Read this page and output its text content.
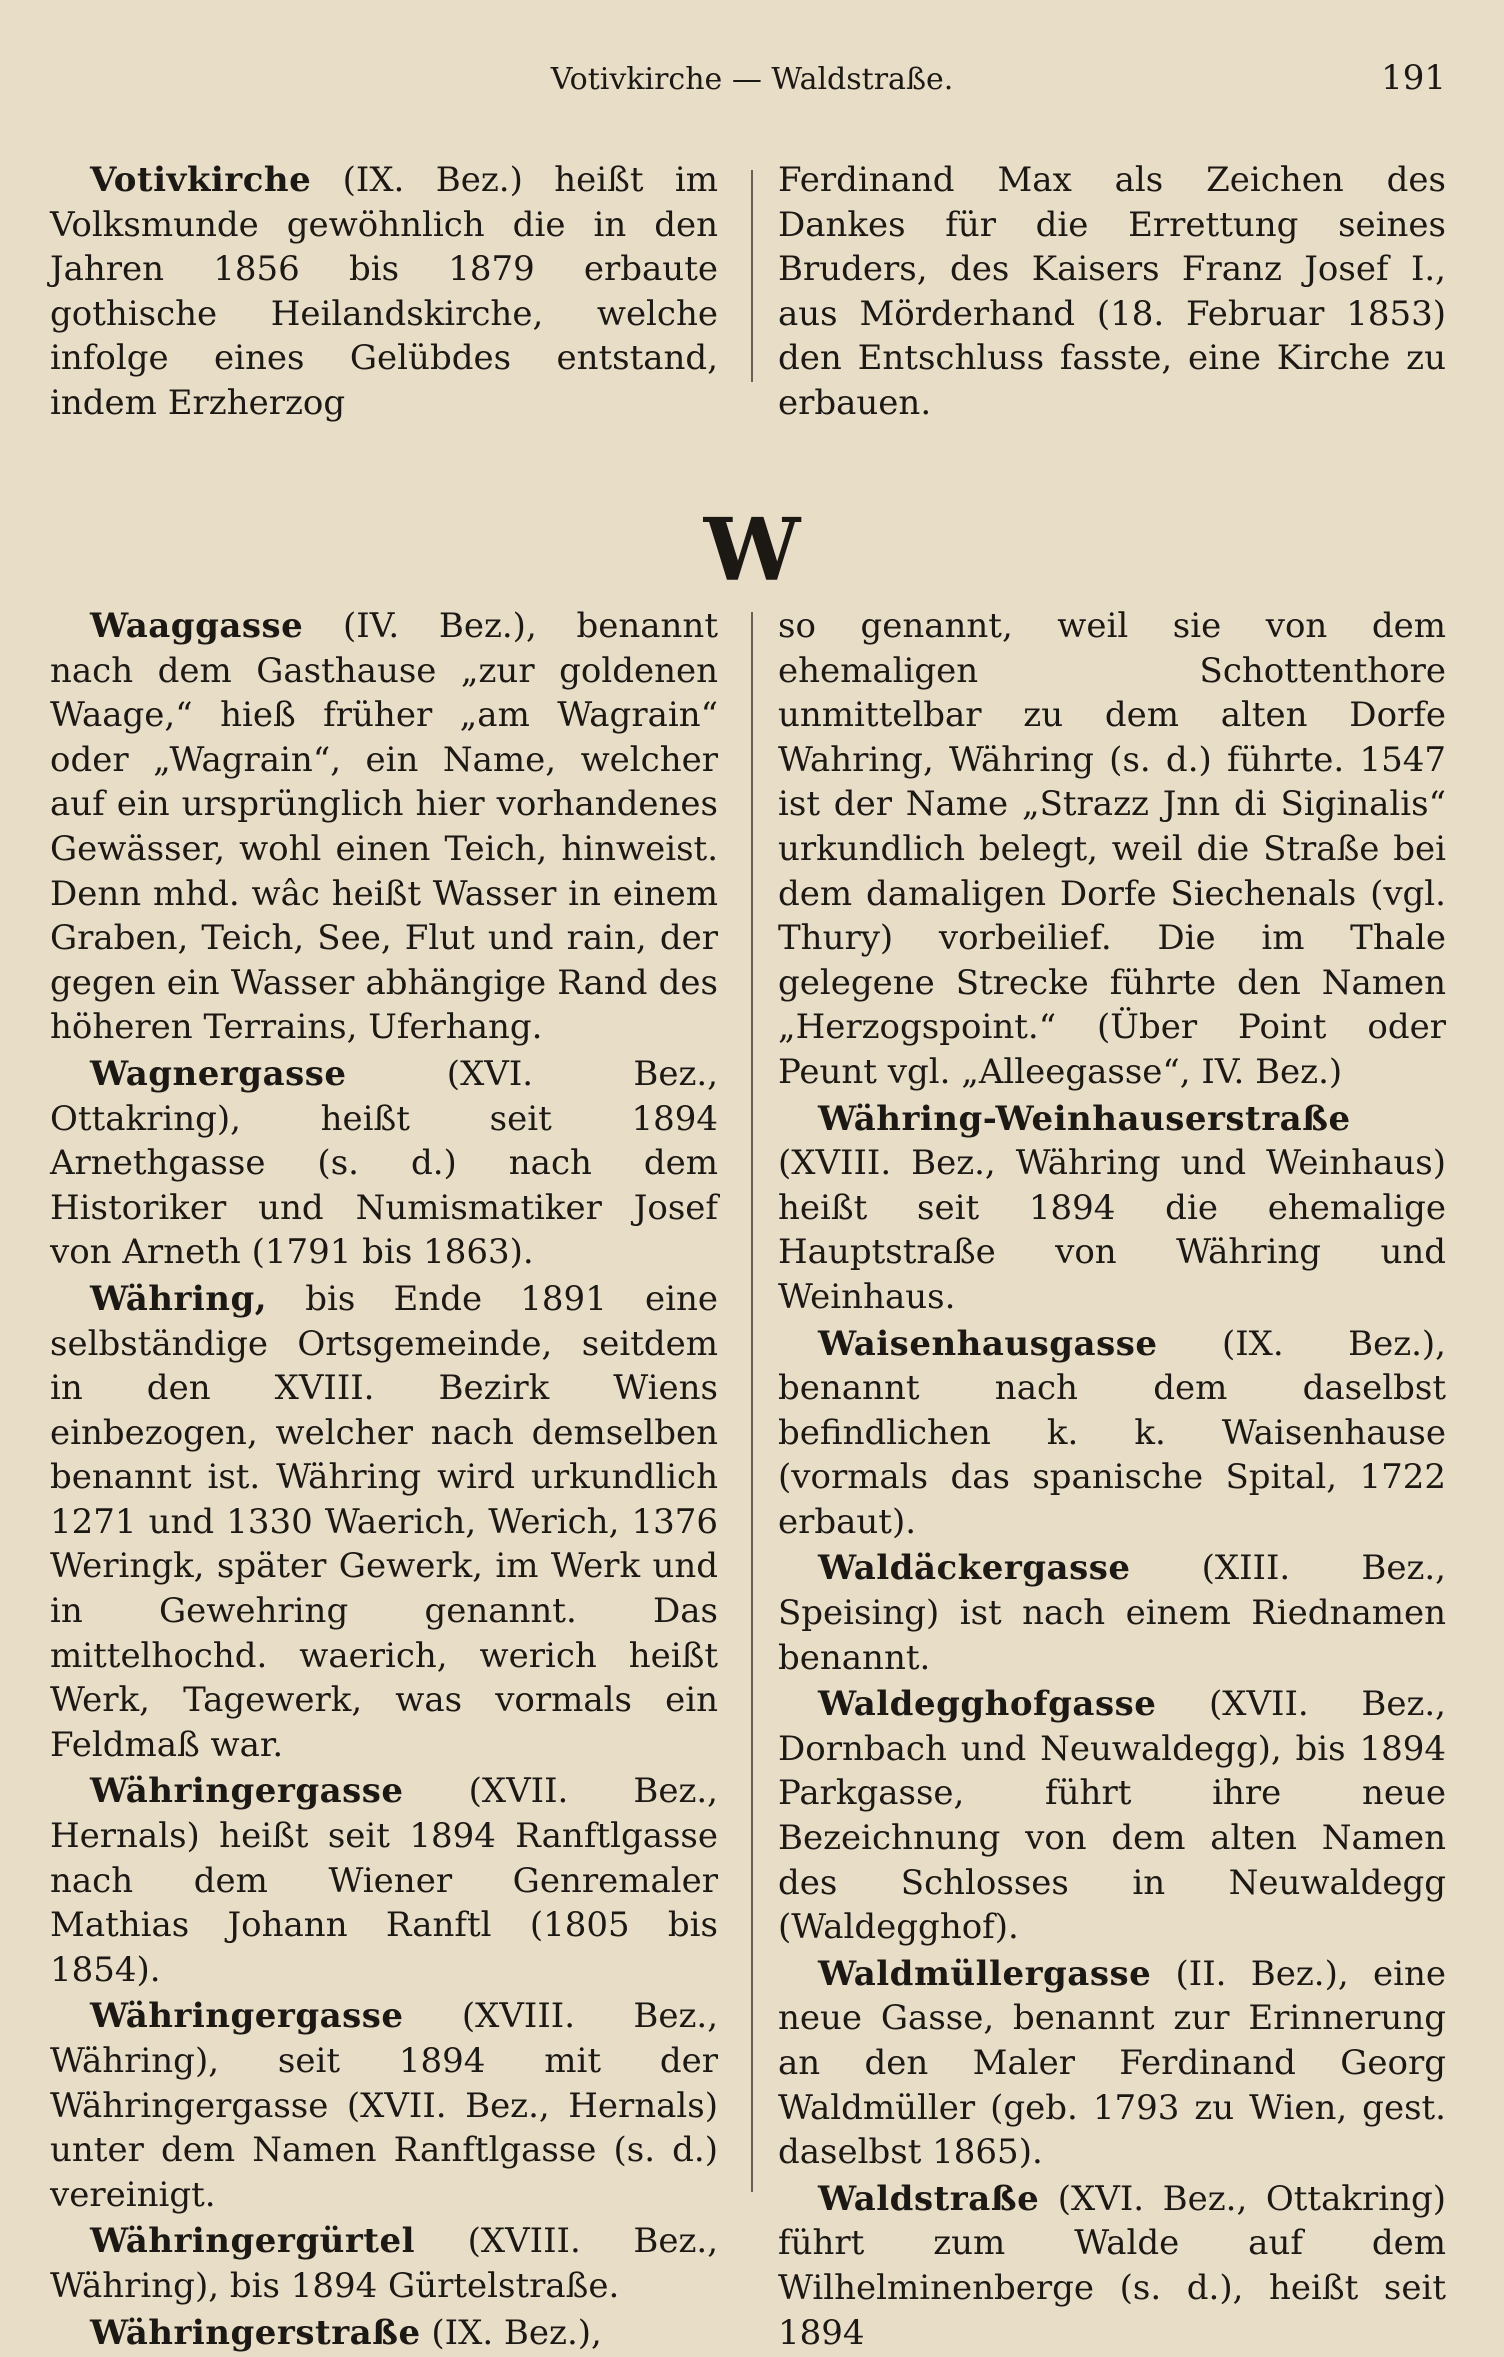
Votivkirche — Waldstraße.	191

Votivkirche (IX. Bez.) heißt im Volksmunde gewöhnlich die in den Jahren 1856 bis 1879 erbaute gothische Heilandskirche, welche infolge eines Gelübdes entstand, indem Erzherzog

Ferdinand Max als Zeichen des Dankes für die Errettung seines Bruders, des Kaisers Franz Josef I., aus Mörderhand (18. Februar 1853) den Entschluss fasste, eine Kirche zu erbauen.

W

Waaggasse (IV. Bez.), benannt nach dem Gasthause „zur goldenen Waage,“ hieß früher „am Wagrain“ oder „Wagrain“, ein Name, welcher auf ein ursprünglich hier vorhandenes Gewässer, wohl einen Teich, hinweist. Denn mhd. wâc heißt Wasser in einem Graben, Teich, See, Flut und rain, der gegen ein Wasser abhängige Rand des höheren Terrains, Uferhang.

Wagnergasse (XVI. Bez., Ottakring), heißt seit 1894 Arnethgasse (s. d.) nach dem Historiker und Numismatiker Josef von Arneth (1791 bis 1863).

Währing, bis Ende 1891 eine selbständige Ortsgemeinde, seitdem in den XVIII. Bezirk Wiens einbezogen, welcher nach demselben benannt ist. Währing wird urkundlich 1271 und 1330 Waerich, Werich, 1376 Weringk, später Gewerk, im Werk und in Gewehring genannt. Das mittelhochd. waerich, werich heißt Werk, Tagewerk, was vormals ein Feldmaß war.

Währingergasse (XVII. Bez., Hernals) heißt seit 1894 Ranftlgasse nach dem Wiener Genremaler Mathias Johann Ranftl (1805 bis 1854).

Währingergasse (XVIII. Bez., Währing), seit 1894 mit der Währingergasse (XVII. Bez., Hernals) unter dem Namen Ranftlgasse (s. d.) vereinigt.

Währingergürtel (XVIII. Bez., Währing), bis 1894 Gürtelstraße.

Währingerstraße (IX. Bez.),

so genannt, weil sie von dem ehemaligen Schottenthore unmittelbar zu dem alten Dorfe Wahring, Währing (s. d.) führte. 1547 ist der Name „Strazz Jnn di Siginalis“ urkundlich belegt, weil die Straße bei dem damaligen Dorfe Siechenals (vgl. Thury) vorbeilief. Die im Thale gelegene Strecke führte den Namen „Herzogspoint.“ (Über Point oder Peunt vgl. „Alleegasse“, IV. Bez.)

Währing-Weinhauserstraße (XVIII. Bez., Währing und Weinhaus) heißt seit 1894 die ehemalige Hauptstraße von Währing und Weinhaus.

Waisenhausgasse (IX. Bez.), benannt nach dem daselbst befindlichen k. k. Waisenhause (vormals das spanische Spital, 1722 erbaut).

Waldäckergasse (XIII. Bez., Speising) ist nach einem Riednamen benannt.

Waldegghofgasse (XVII. Bez., Dornbach und Neuwaldegg), bis 1894 Parkgasse, führt ihre neue Bezeichnung von dem alten Namen des Schlosses in Neuwaldegg (Waldegghof).

Waldmüllergasse (II. Bez.), eine neue Gasse, benannt zur Erinnerung an den Maler Ferdinand Georg Waldmüller (geb. 1793 zu Wien, gest. daselbst 1865).

Waldstraße (XVI. Bez., Ottakring) führt zum Walde auf dem Wilhelminenberge (s. d.), heißt seit 1894
